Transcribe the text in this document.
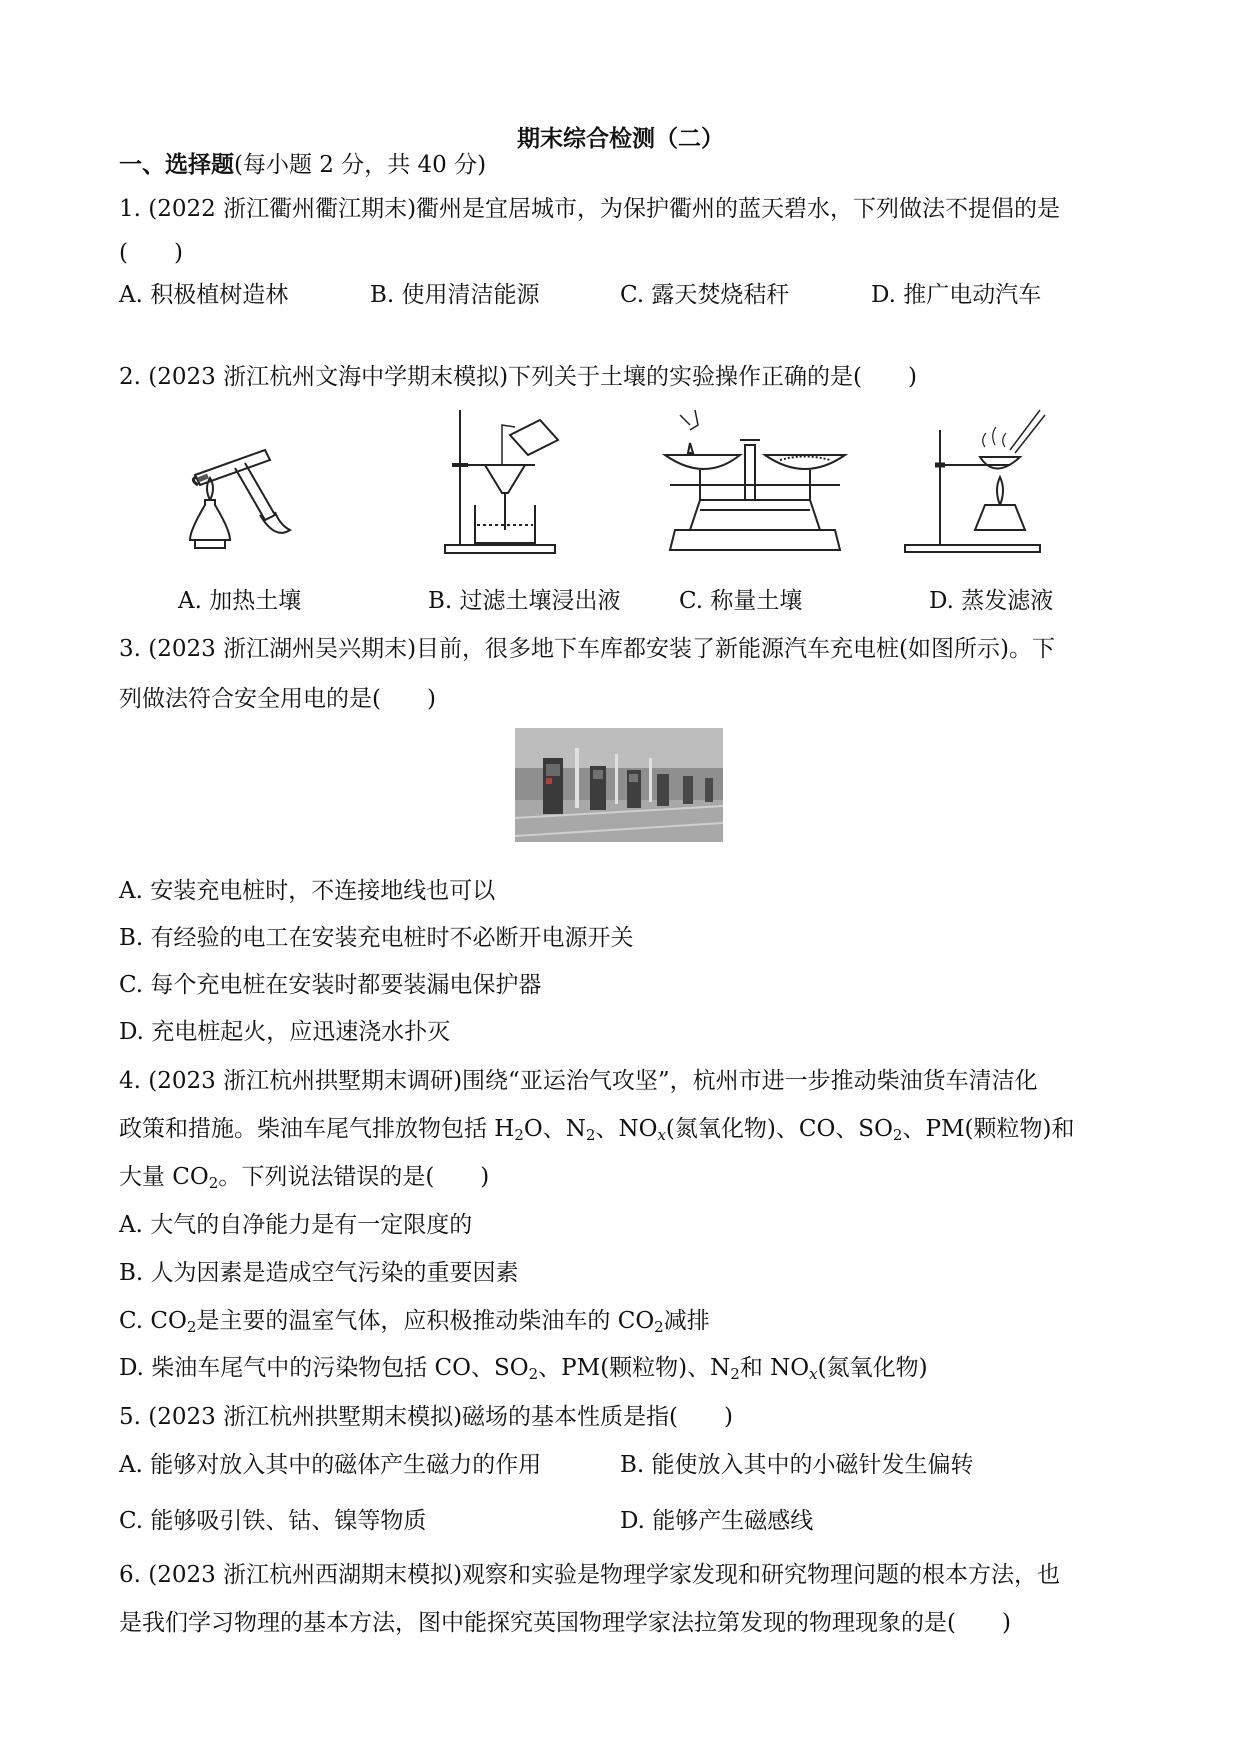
期末综合检测（二）
一、选择题(每小题 2 分，共 40 分)
1. (2022 浙江衢州衢江期末)衢州是宜居城市，为保护衢州的蓝天碧水，下列做法不提倡的是
(　　)
A. 积极植树造林	B. 使用清洁能源	C. 露天焚烧秸秆	D. 推广电动汽车
2. (2023 浙江杭州文海中学期末模拟)下列关于土壤的实验操作正确的是(　　)
A. 加热土壤	B. 过滤土壤浸出液	C. 称量土壤	D. 蒸发滤液
3. (2023 浙江湖州吴兴期末)目前，很多地下车库都安装了新能源汽车充电桩(如图所示)。下
列做法符合安全用电的是(　　)
A. 安装充电桩时，不连接地线也可以
B. 有经验的电工在安装充电桩时不必断开电源开关
C. 每个充电桩在安装时都要装漏电保护器
D. 充电桩起火，应迅速浇水扑灭
4. (2023 浙江杭州拱墅期末调研)围绕“亚运治气攻坚”，杭州市进一步推动柴油货车清洁化
政策和措施。柴油车尾气排放物包括 $H_2O$、$N_2$、$NO_x$(氮氧化物)、CO、$SO_2$、PM(颗粒物)和
大量 $CO_2$。下列说法错误的是(　　)
A. 大气的自净能力是有一定限度的
B. 人为因素是造成空气污染的重要因素
C. $CO_2$是主要的温室气体，应积极推动柴油车的 $CO_2$减排
D. 柴油车尾气中的污染物包括 CO、$SO_2$、PM(颗粒物)、$N_2$和 $NO_x$(氮氧化物)
5. (2023 浙江杭州拱墅期末模拟)磁场的基本性质是指(　　)
A. 能够对放入其中的磁体产生磁力的作用	B. 能使放入其中的小磁针发生偏转
C. 能够吸引铁、钴、镍等物质	D. 能够产生磁感线
6. (2023 浙江杭州西湖期末模拟)观察和实验是物理学家发现和研究物理问题的根本方法，也
是我们学习物理的基本方法，图中能探究英国物理学家法拉第发现的物理现象的是(　　)
